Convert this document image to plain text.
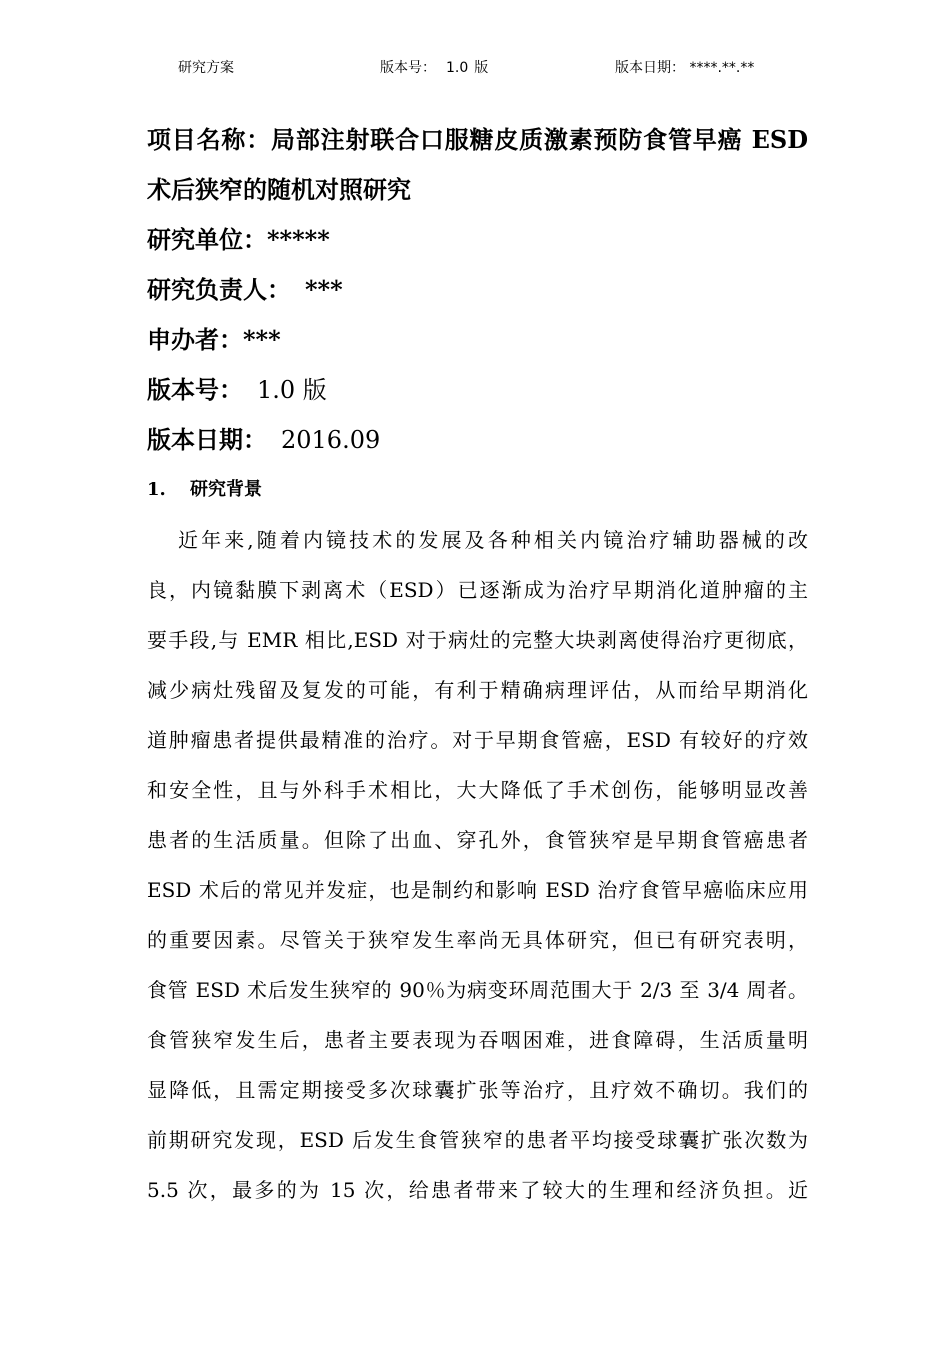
研究方案	版本号： 1.0 版	版本日期： ****.**.**
项目名称：局部注射联合口服糖皮质激素预防食管早癌 ESD
术后狭窄的随机对照研究
研究单位：*****
研究负责人： ***
申办者：***
版本号： 1.0 版
版本日期： 2016.09
1. 研究背景
近年来,随着内镜技术的发展及各种相关内镜治疗辅助器械的改
良，内镜黏膜下剥离术（ESD）已逐渐成为治疗早期消化道肿瘤的主
要手段,与 EMR 相比,ESD 对于病灶的完整大块剥离使得治疗更彻底，
减少病灶残留及复发的可能，有利于精确病理评估，从而给早期消化
道肿瘤患者提供最精准的治疗。对于早期食管癌，ESD 有较好的疗效
和安全性，且与外科手术相比，大大降低了手术创伤，能够明显改善
患者的生活质量。但除了出血、穿孔外，食管狭窄是早期食管癌患者
ESD 术后的常见并发症，也是制约和影响 ESD 治疗食管早癌临床应用
的重要因素。尽管关于狭窄发生率尚无具体研究，但已有研究表明，
食管 ESD 术后发生狭窄的 90％为病变环周范围大于 2/3 至 3/4 周者。
食管狭窄发生后，患者主要表现为吞咽困难，进食障碍，生活质量明
显降低，且需定期接受多次球囊扩张等治疗，且疗效不确切。我们的
前期研究发现，ESD 后发生食管狭窄的患者平均接受球囊扩张次数为
5.5 次，最多的为 15 次，给患者带来了较大的生理和经济负担。近
